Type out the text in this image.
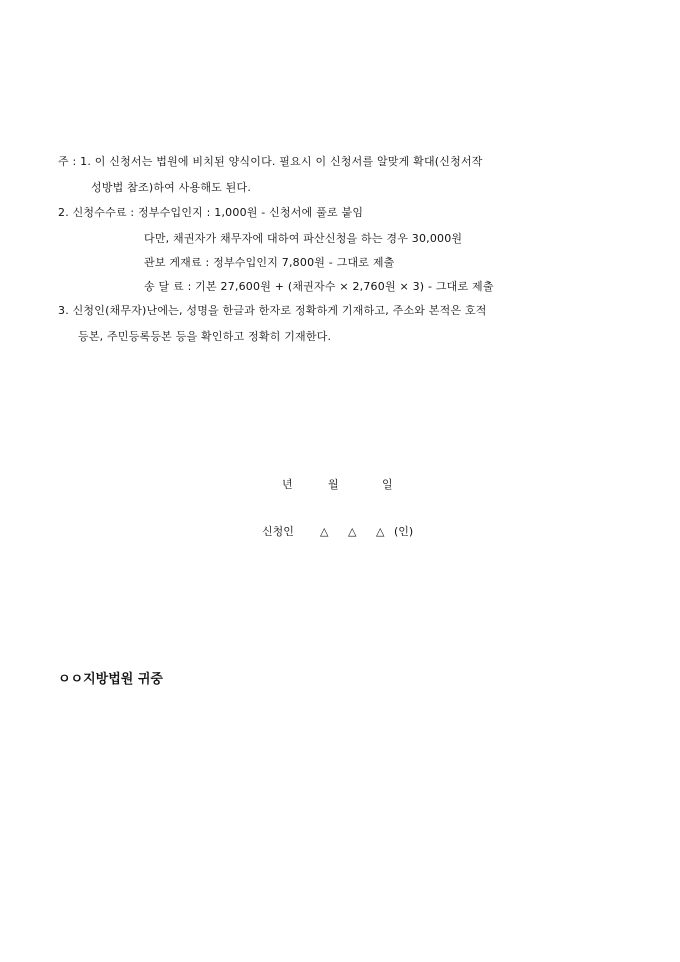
주 : 1. 이 신청서는 법원에 비치된 양식이다. 필요시 이 신청서를 알맞게 확대(신청서작
성방법 참조)하여 사용해도 된다.
2. 신청수수료 : 정부수입인지 : 1,000원 - 신청서에 풀로 붙임
다만, 채권자가 채무자에 대하여 파산신청을 하는 경우 30,000원
관보 게재료 : 정부수입인지 7,800원 - 그대로 제출
송 달 료 : 기본 27,600원 + (채권자수 × 2,760원 × 3) - 그대로 제출
3. 신청인(채무자)난에는, 성명을 한글과 한자로 정확하게 기재하고, 주소와 본적은 호적
등본, 주민등록등본 등을 확인하고 정확히 기재한다.
년	월	일
신청인 △ △ △ (인)
ㅇㅇ지방법원 귀중
